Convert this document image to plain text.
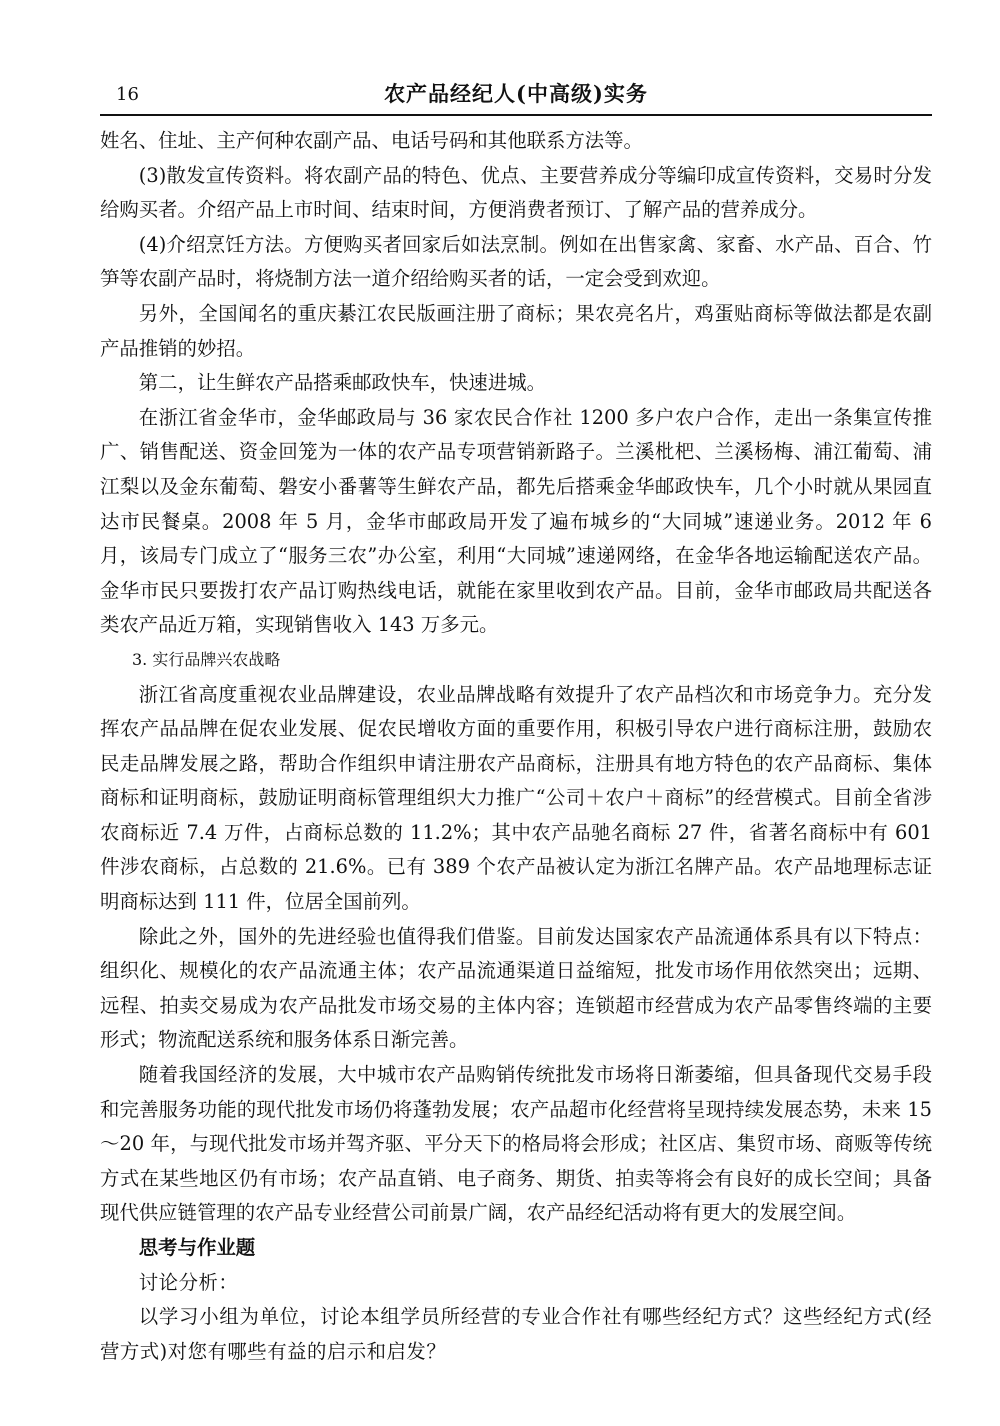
16	农产品经纪人(中高级)实务

姓名、住址、主产何种农副产品、电话号码和其他联系方法等。

(3)散发宣传资料。将农副产品的特色、优点、主要营养成分等编印成宣传资料，交易时分发给购买者。介绍产品上市时间、结束时间，方便消费者预订、了解产品的营养成分。

(4)介绍烹饪方法。方便购买者回家后如法烹制。例如在出售家禽、家畜、水产品、百合、竹笋等农副产品时，将烧制方法一道介绍给购买者的话，一定会受到欢迎。

另外，全国闻名的重庆綦江农民版画注册了商标；果农亮名片，鸡蛋贴商标等做法都是农副产品推销的妙招。

第二，让生鲜农产品搭乘邮政快车，快速进城。

在浙江省金华市，金华邮政局与 36 家农民合作社 1200 多户农户合作，走出一条集宣传推广、销售配送、资金回笼为一体的农产品专项营销新路子。兰溪枇杷、兰溪杨梅、浦江葡萄、浦江梨以及金东葡萄、磐安小番薯等生鲜农产品，都先后搭乘金华邮政快车，几个小时就从果园直达市民餐桌。2008 年 5 月，金华市邮政局开发了遍布城乡的“大同城”速递业务。2012 年 6 月，该局专门成立了“服务三农”办公室，利用“大同城”速递网络，在金华各地运输配送农产品。金华市民只要拨打农产品订购热线电话，就能在家里收到农产品。目前，金华市邮政局共配送各类农产品近万箱，实现销售收入 143 万多元。

3. 实行品牌兴农战略

浙江省高度重视农业品牌建设，农业品牌战略有效提升了农产品档次和市场竞争力。充分发挥农产品品牌在促农业发展、促农民增收方面的重要作用，积极引导农户进行商标注册，鼓励农民走品牌发展之路，帮助合作组织申请注册农产品商标，注册具有地方特色的农产品商标、集体商标和证明商标，鼓励证明商标管理组织大力推广“公司＋农户＋商标”的经营模式。目前全省涉农商标近 7.4 万件，占商标总数的 11.2%；其中农产品驰名商标 27 件，省著名商标中有 601 件涉农商标，占总数的 21.6%。已有 389 个农产品被认定为浙江名牌产品。农产品地理标志证明商标达到 111 件，位居全国前列。

除此之外，国外的先进经验也值得我们借鉴。目前发达国家农产品流通体系具有以下特点：组织化、规模化的农产品流通主体；农产品流通渠道日益缩短，批发市场作用依然突出；远期、远程、拍卖交易成为农产品批发市场交易的主体内容；连锁超市经营成为农产品零售终端的主要形式；物流配送系统和服务体系日渐完善。

随着我国经济的发展，大中城市农产品购销传统批发市场将日渐萎缩，但具备现代交易手段和完善服务功能的现代批发市场仍将蓬勃发展；农产品超市化经营将呈现持续发展态势，未来 15～20 年，与现代批发市场并驾齐驱、平分天下的格局将会形成；社区店、集贸市场、商贩等传统方式在某些地区仍有市场；农产品直销、电子商务、期货、拍卖等将会有良好的成长空间；具备现代供应链管理的农产品专业经营公司前景广阔，农产品经纪活动将有更大的发展空间。

思考与作业题

讨论分析：

以学习小组为单位，讨论本组学员所经营的专业合作社有哪些经纪方式？这些经纪方式(经营方式)对您有哪些有益的启示和启发？
